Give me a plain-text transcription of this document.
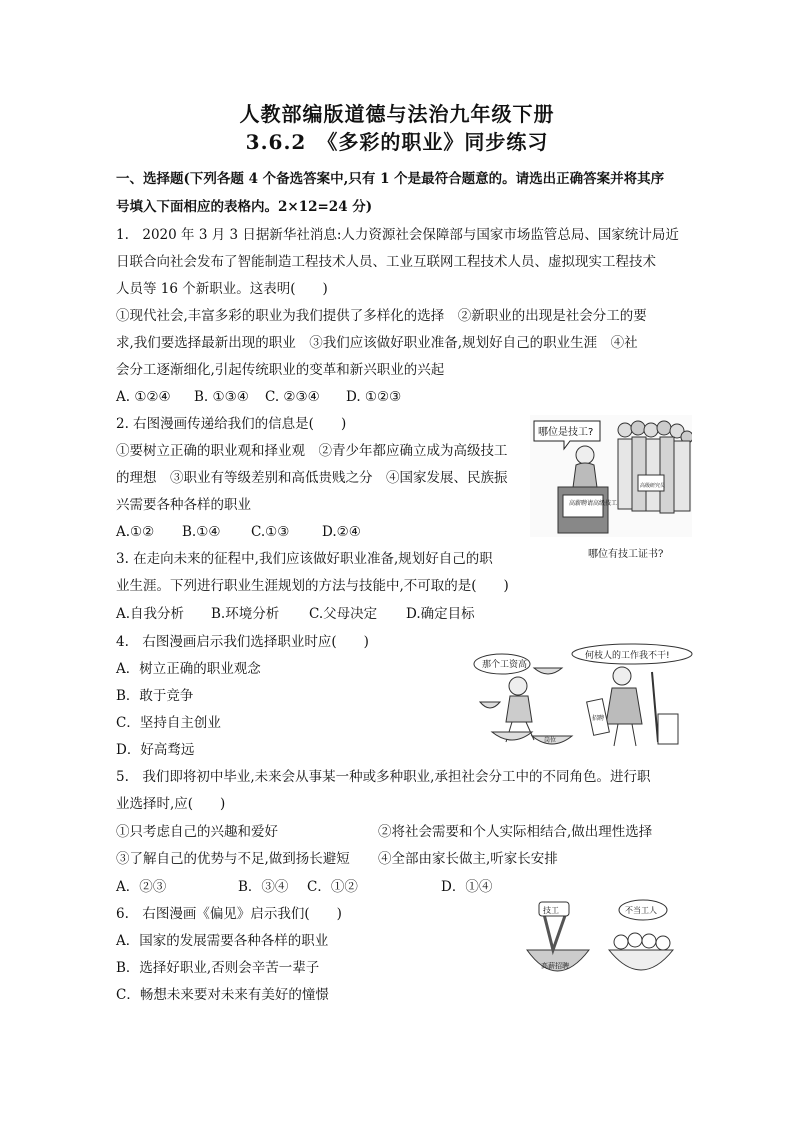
人教部编版道德与法治九年级下册
3.6.2　《多彩的职业》同步练习
一、选择题(下列各题 4 个备选答案中,只有 1 个是最符合题意的。请选出正确答案并将其序
号填入下面相应的表格内。2×12=24 分)
1.　2020 年 3 月 3 日据新华社消息:人力资源社会保障部与国家市场监管总局、国家统计局近
日联合向社会发布了智能制造工程技术人员、工业互联网工程技术人员、虚拟现实工程技术
人员等 16 个新职业。这表明(　　)
①现代社会,丰富多彩的职业为我们提供了多样化的选择　②新职业的出现是社会分工的要
求,我们要选择最新出现的职业　③我们应该做好职业准备,规划好自己的职业生涯　④社
会分工逐渐细化,引起传统职业的变革和新兴职业的兴起
A. ①②④ B. ①③④ C. ②③④ D. ①②③
2. 右图漫画传递给我们的信息是(　　)
①要树立正确的职业观和择业观　②青少年都应确立成为高级技工
的理想　③职业有等级差别和高低贵贱之分　④国家发展、民族振
兴需要各种各样的职业
A.①② B.①④ C.①③ D.②④
哪位是技工?
高级研究员
高薪聘请高级技工
哪位有技工证书?
3. 在走向未来的征程中,我们应该做好职业准备,规划好自己的职
业生涯。下列进行职业生涯规划的方法与技能中,不可取的是(　　)
A.自我分析 B.环境分析 C.父母决定 D.确定目标
4.　右图漫画启示我们选择职业时应(　　)
A．树立正确的职业观念
B．敢于竞争
C．坚持自主创业
D．好高骛远
那个工资高
何枝人的工作我不干!
岗位
招聘
5.　我们即将初中毕业,未来会从事某一种或多种职业,承担社会分工中的不同角色。进行职
业选择时,应(　　)
①只考虑自己的兴趣和爱好	②将社会需要和个人实际相结合,做出理性选择
③了解自己的优势与不足,做到扬长避短 ④全部由家长做主,听家长安排
A．②③	B．③④ C．①②	D．①④
6.　右图漫画《偏见》启示我们(　　)
A．国家的发展需要各种各样的职业
B．选择好职业,否则会辛苦一辈子
C．畅想未来要对未来有美好的憧憬
技工	不当工人
高薪招聘
